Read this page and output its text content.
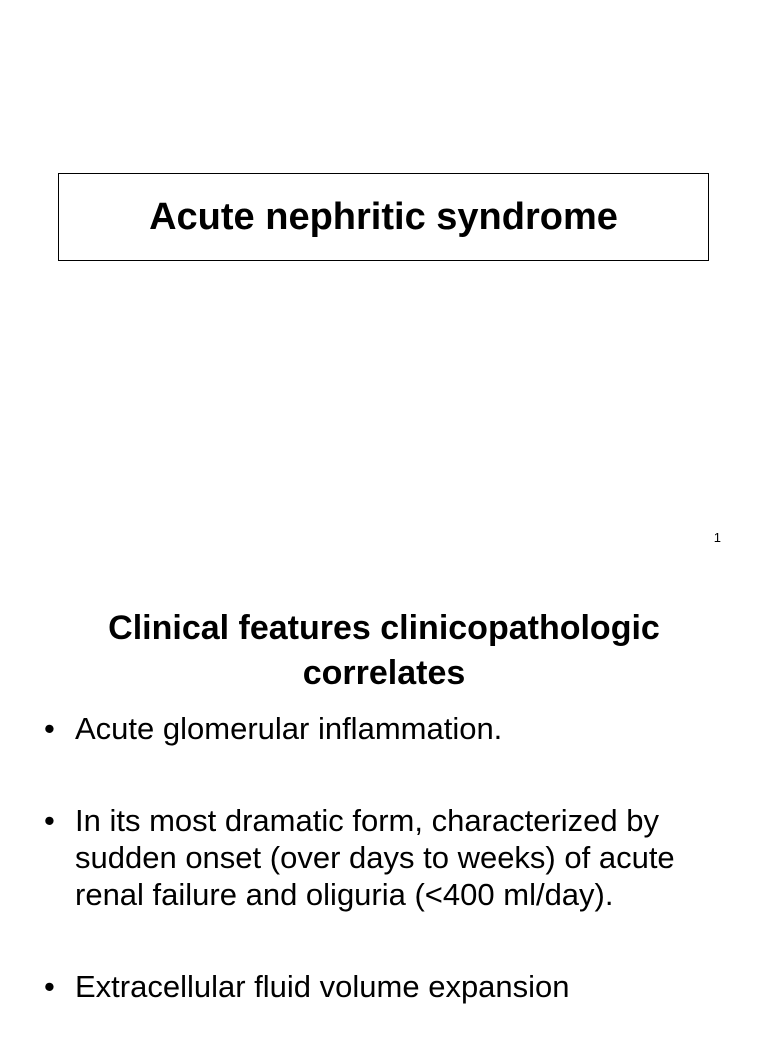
Acute nephritic syndrome
1
Clinical features clinicopathologic
correlates
• Acute glomerular inflammation.
• In its most dramatic form, characterized by sudden onset (over days to weeks) of acute renal failure and oliguria (<400 ml/day).
• Extracellular fluid volume expansion
